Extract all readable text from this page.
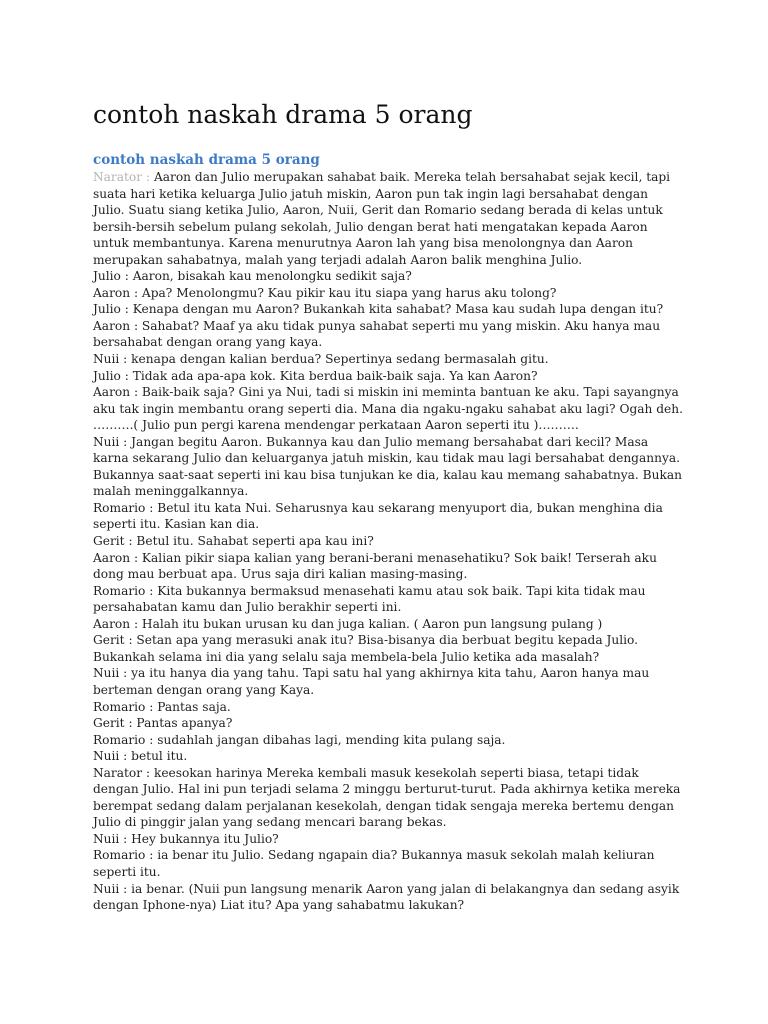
contoh naskah drama 5 orang
contoh naskah drama 5 orang

Narator : Aaron dan Julio merupakan sahabat baik. Mereka telah bersahabat sejak kecil, tapi suata hari ketika keluarga Julio jatuh miskin, Aaron pun tak ingin lagi bersahabat dengan Julio. Suatu siang ketika Julio, Aaron, Nuii, Gerit dan Romario sedang berada di kelas untuk bersih-bersih sebelum pulang sekolah, Julio dengan berat hati mengatakan kepada Aaron untuk membantunya. Karena menurutnya Aaron lah yang bisa menolongnya dan Aaron merupakan sahabatnya, malah yang terjadi adalah Aaron balik menghina Julio.

Julio : Aaron, bisakah kau menolongku sedikit saja?

Aaron : Apa? Menolongmu? Kau pikir kau itu siapa yang harus aku tolong?

Julio : Kenapa dengan mu Aaron? Bukankah kita sahabat? Masa kau sudah lupa dengan itu?

Aaron : Sahabat? Maaf ya aku tidak punya sahabat seperti mu yang miskin. Aku hanya mau bersahabat dengan orang yang kaya.

Nuii : kenapa dengan kalian berdua? Sepertinya sedang bermasalah gitu.

Julio : Tidak ada apa-apa kok. Kita berdua baik-baik saja. Ya kan Aaron?

Aaron : Baik-baik saja? Gini ya Nui, tadi si miskin ini meminta bantuan ke aku. Tapi sayangnya aku tak ingin membantu orang seperti dia. Mana dia ngaku-ngaku sahabat aku lagi? Ogah deh.

……….( Julio pun pergi karena mendengar perkataan Aaron seperti itu )……….

Nuii : Jangan begitu Aaron. Bukannya kau dan Julio memang bersahabat dari kecil? Masa karna sekarang Julio dan keluarganya jatuh miskin, kau tidak mau lagi bersahabat dengannya. Bukannya saat-saat seperti ini kau bisa tunjukan ke dia, kalau kau memang sahabatnya. Bukan malah meninggalkannya.

Romario : Betul itu kata Nui. Seharusnya kau sekarang menyuport dia, bukan menghina dia seperti itu. Kasian kan dia.

Gerit : Betul itu. Sahabat seperti apa kau ini?

Aaron : Kalian pikir siapa kalian yang berani-berani menasehatiku? Sok baik! Terserah aku dong mau berbuat apa. Urus saja diri kalian masing-masing.

Romario : Kita bukannya bermaksud menasehati kamu atau sok baik. Tapi kita tidak mau persahabatan kamu dan Julio berakhir seperti ini.

Aaron : Halah itu bukan urusan ku dan juga kalian. ( Aaron pun langsung pulang )

Gerit : Setan apa yang merasuki anak itu? Bisa-bisanya dia berbuat begitu kepada Julio. Bukankah selama ini dia yang selalu saja membela-bela Julio ketika ada masalah?

Nuii : ya itu hanya dia yang tahu. Tapi satu hal yang akhirnya kita tahu, Aaron hanya mau berteman dengan orang yang Kaya.

Romario : Pantas saja.

Gerit : Pantas apanya?

Romario : sudahlah jangan dibahas lagi, mending kita pulang saja.

Nuii : betul itu.

Narator : keesokan harinya Mereka kembali masuk kesekolah seperti biasa, tetapi tidak dengan Julio. Hal ini pun terjadi selama 2 minggu berturut-turut. Pada akhirnya ketika mereka berempat sedang dalam perjalanan kesekolah, dengan tidak sengaja mereka bertemu dengan Julio di pinggir jalan yang sedang mencari barang bekas.

Nuii : Hey bukannya itu Julio?

Romario : ia benar itu Julio. Sedang ngapain dia? Bukannya masuk sekolah malah keliuran seperti itu.

Nuii : ia benar. (Nuii pun langsung menarik Aaron yang jalan di belakangnya dan sedang asyik dengan Iphone-nya) Liat itu? Apa yang sahabatmu lakukan?
